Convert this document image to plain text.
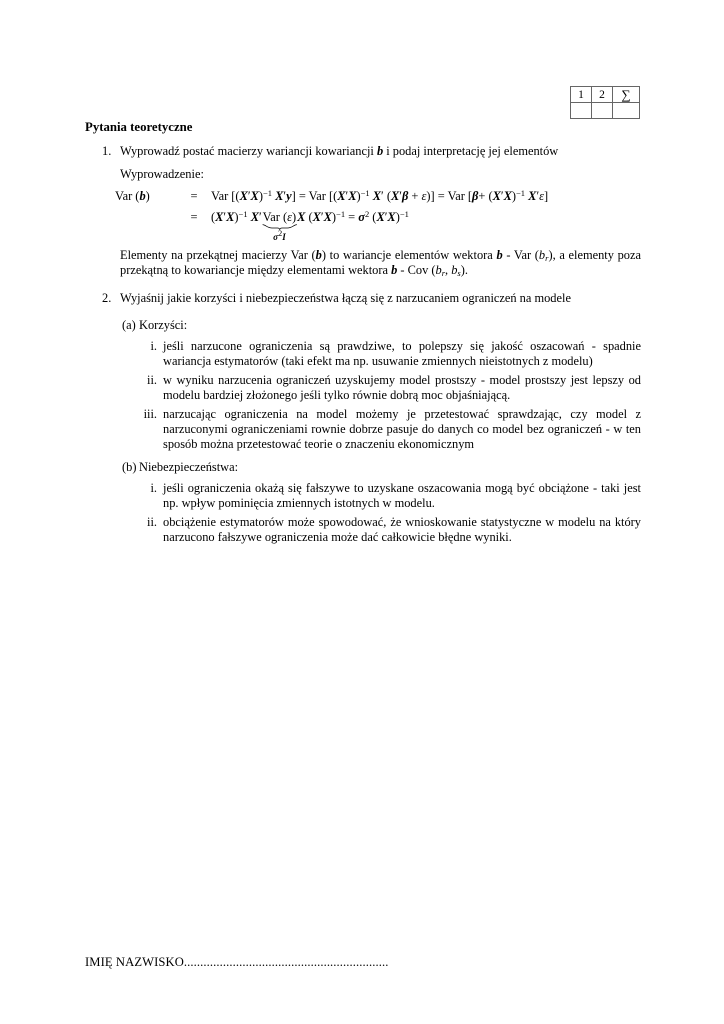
1	2	∑

Pytania teoretyczne
1. Wyprowadź postać macierzy wariancji kowariancji b i podaj interpretację jej elementów
Wyprowadzenie:
Var (b)	=	Var [$(X'X)^{-1}$ X′y] = Var [$(X'X)^{-1}$ X′ (X′β + ε)] = Var [$\beta+ (X'X)^{-1}$ X′ε]
=	$(X'X)^{-1}$ X′ Var (ε)
$\sigma^2I$
X $(X'X)^{-1} = \sigma^2$ $(X'X)^{-1}$
Elementy na przekątnej macierzy Var (b) to wariancje elementów wektora b - Var $(b_r)$, a elementy poza przekątną to kowariancje między elementami wektora b - Cov ($b_r$, $b_s$).
2. Wyjaśnij jakie korzyści i niebezpieczeństwa łączą się z narzucaniem ograniczeń na modele
(a) Korzyści:
i. jeśli narzucone ograniczenia są prawdziwe, to polepszy się jakość oszacowań - spadnie wariancja estymatorów (taki efekt ma np. usuwanie zmiennych nieistotnych z modelu)
ii. w wyniku narzucenia ograniczeń uzyskujemy model prostszy - model prostszy jest lepszy od modelu bardziej złożonego jeśli tylko równie dobrą moc objaśniającą.
iii. narzucając ograniczenia na model możemy je przetestować sprawdzając, czy model z narzuconymi ograniczeniami rownie dobrze pasuje do danych co model bez ograniczeń - w ten sposób można przetestować teorie o znaczeniu ekonomicznym
(b) Niebezpieczeństwa:
i. jeśli ograniczenia okażą się fałszywe to uzyskane oszacowania mogą być obciążone - taki jest np. wpływ pominięcia zmiennych istotnych w modelu.
ii. obciążenie estymatorów może spowodować, że wnioskowanie statystyczne w modelu na który narzucono fałszywe ograniczenia może dać całkowicie błędne wyniki.
IMIĘ NAZWISKO...............................................................
